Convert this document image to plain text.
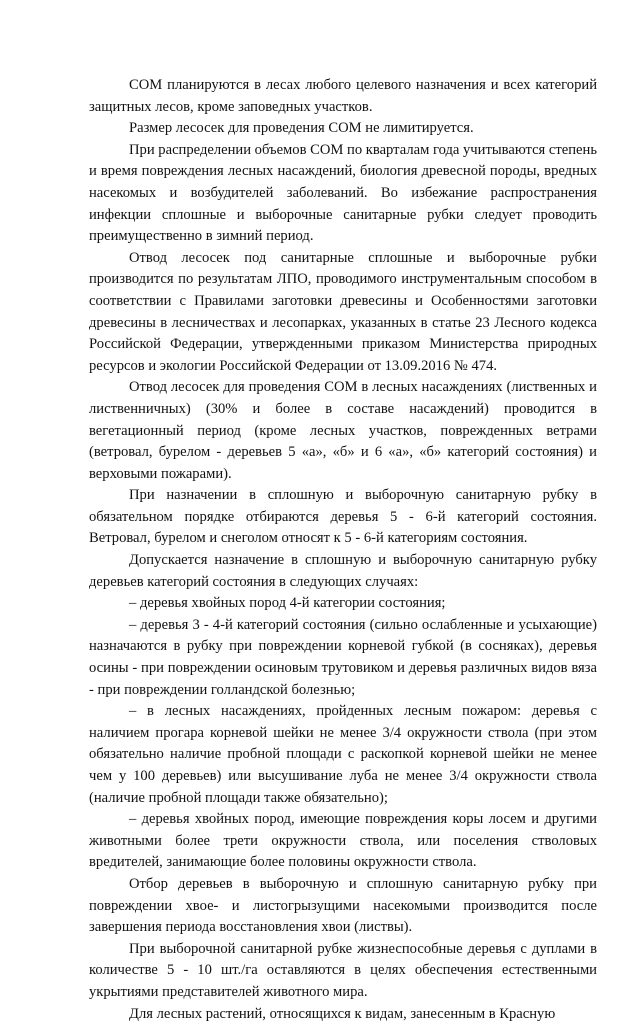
СОМ планируются в лесах любого целевого назначения и всех категорий защитных лесов, кроме заповедных участков.

Размер лесосек для проведения СОМ не лимитируется.

При распределении объемов СОМ по кварталам года учитываются степень и время повреждения лесных насаждений, биология древесной породы, вредных насекомых и возбудителей заболеваний. Во избежание распространения инфекции сплошные и выборочные санитарные рубки следует проводить преимущественно в зимний период.

Отвод лесосек под санитарные сплошные и выборочные рубки производится по результатам ЛПО, проводимого инструментальным способом в соответствии с Правилами заготовки древесины и Особенностями заготовки древесины в лесничествах и лесопарках, указанных в статье 23 Лесного кодекса Российской Федерации, утвержденными приказом Министерства природных ресурсов и экологии Российской Федерации от 13.09.2016 № 474.

Отвод лесосек для проведения СОМ в лесных насаждениях (лиственных и лиственничных) (30% и более в составе насаждений) проводится в вегетационный период (кроме лесных участков, поврежденных ветрами (ветровал, бурелом - деревьев 5 «а», «б» и 6 «а», «б» категорий состояния) и верховыми пожарами).

При назначении в сплошную и выборочную санитарную рубку в обязательном порядке отбираются деревья 5 - 6-й категорий состояния. Ветровал, бурелом и снеголом относят к 5 - 6-й категориям состояния.

Допускается назначение в сплошную и выборочную санитарную рубку деревьев категорий состояния в следующих случаях:

– деревья хвойных пород 4-й категории состояния;

– деревья 3 - 4-й категорий состояния (сильно ослабленные и усыхающие) назначаются в рубку при повреждении корневой губкой (в сосняках), деревья осины - при повреждении осиновым трутовиком и деревья различных видов вяза - при повреждении голландской болезнью;

– в лесных насаждениях, пройденных лесным пожаром: деревья с наличием прогара корневой шейки не менее 3/4 окружности ствола (при этом обязательно наличие пробной площади с раскопкой корневой шейки не менее чем у 100 деревьев) или высушивание луба не менее 3/4 окружности ствола (наличие пробной площади также обязательно);

– деревья хвойных пород, имеющие повреждения коры лосем и другими животными более трети окружности ствола, или поселения стволовых вредителей, занимающие более половины окружности ствола.

Отбор деревьев в выборочную и сплошную санитарную рубку при повреждении хвое- и листогрызущими насекомыми производится после завершения периода восстановления хвои (листвы).

При выборочной санитарной рубке жизнеспособные деревья с дуплами в количестве 5 - 10 шт./га оставляются в целях обеспечения естественными укрытиями представителей животного мира.

Для лесных растений, относящихся к видам, занесенным в Красную
